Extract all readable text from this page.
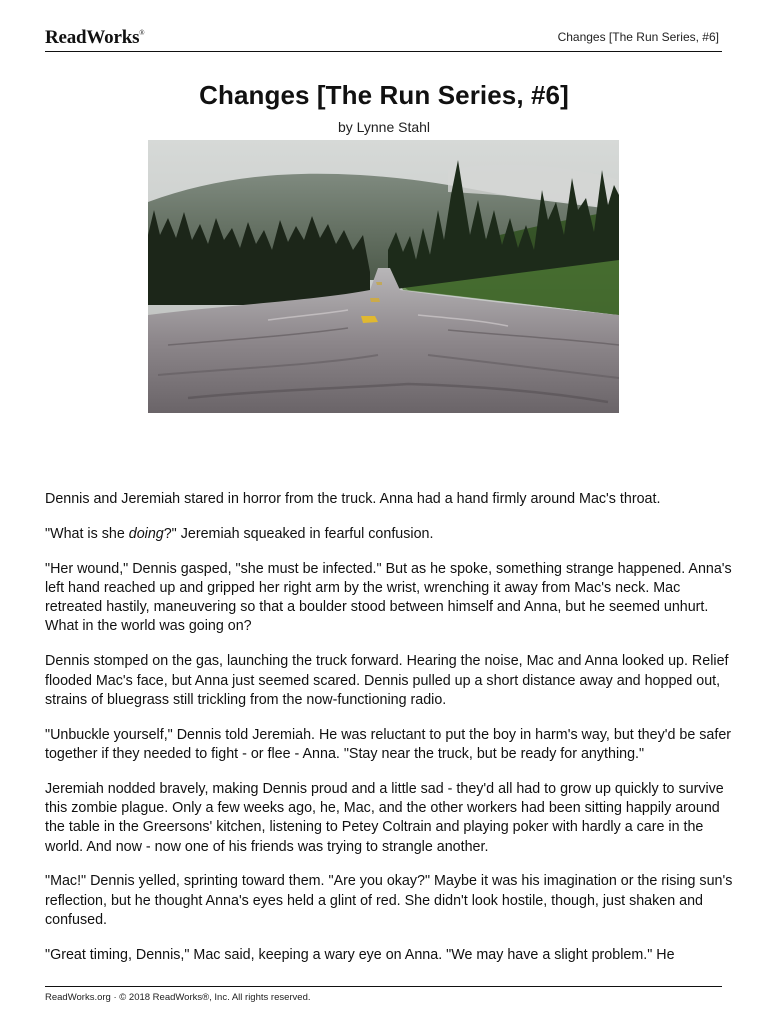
ReadWorks®	Changes [The Run Series, #6]
Changes [The Run Series, #6]
by Lynne Stahl

Dennis and Jeremiah stared in horror from the truck. Anna had a hand firmly around Mac's throat.

"What is she doing?" Jeremiah squeaked in fearful confusion.

"Her wound," Dennis gasped, "she must be infected." But as he spoke, something strange happened. Anna's left hand reached up and gripped her right arm by the wrist, wrenching it away from Mac's neck. Mac retreated hastily, maneuvering so that a boulder stood between himself and Anna, but he seemed unhurt. What in the world was going on?

Dennis stomped on the gas, launching the truck forward. Hearing the noise, Mac and Anna looked up. Relief flooded Mac's face, but Anna just seemed scared. Dennis pulled up a short distance away and hopped out, strains of bluegrass still trickling from the now-functioning radio.

"Unbuckle yourself," Dennis told Jeremiah. He was reluctant to put the boy in harm's way, but they'd be safer together if they needed to fight - or flee - Anna. "Stay near the truck, but be ready for anything."

Jeremiah nodded bravely, making Dennis proud and a little sad - they'd all had to grow up quickly to survive this zombie plague. Only a few weeks ago, he, Mac, and the other workers had been sitting happily around the table in the Greersons' kitchen, listening to Petey Coltrain and playing poker with hardly a care in the world. And now - now one of his friends was trying to strangle another.

"Mac!" Dennis yelled, sprinting toward them. "Are you okay?" Maybe it was his imagination or the rising sun's reflection, but he thought Anna's eyes held a glint of red. She didn't look hostile, though, just shaken and confused.

"Great timing, Dennis," Mac said, keeping a wary eye on Anna. "We may have a slight problem." He

ReadWorks.org · © 2018 ReadWorks®, Inc. All rights reserved.
